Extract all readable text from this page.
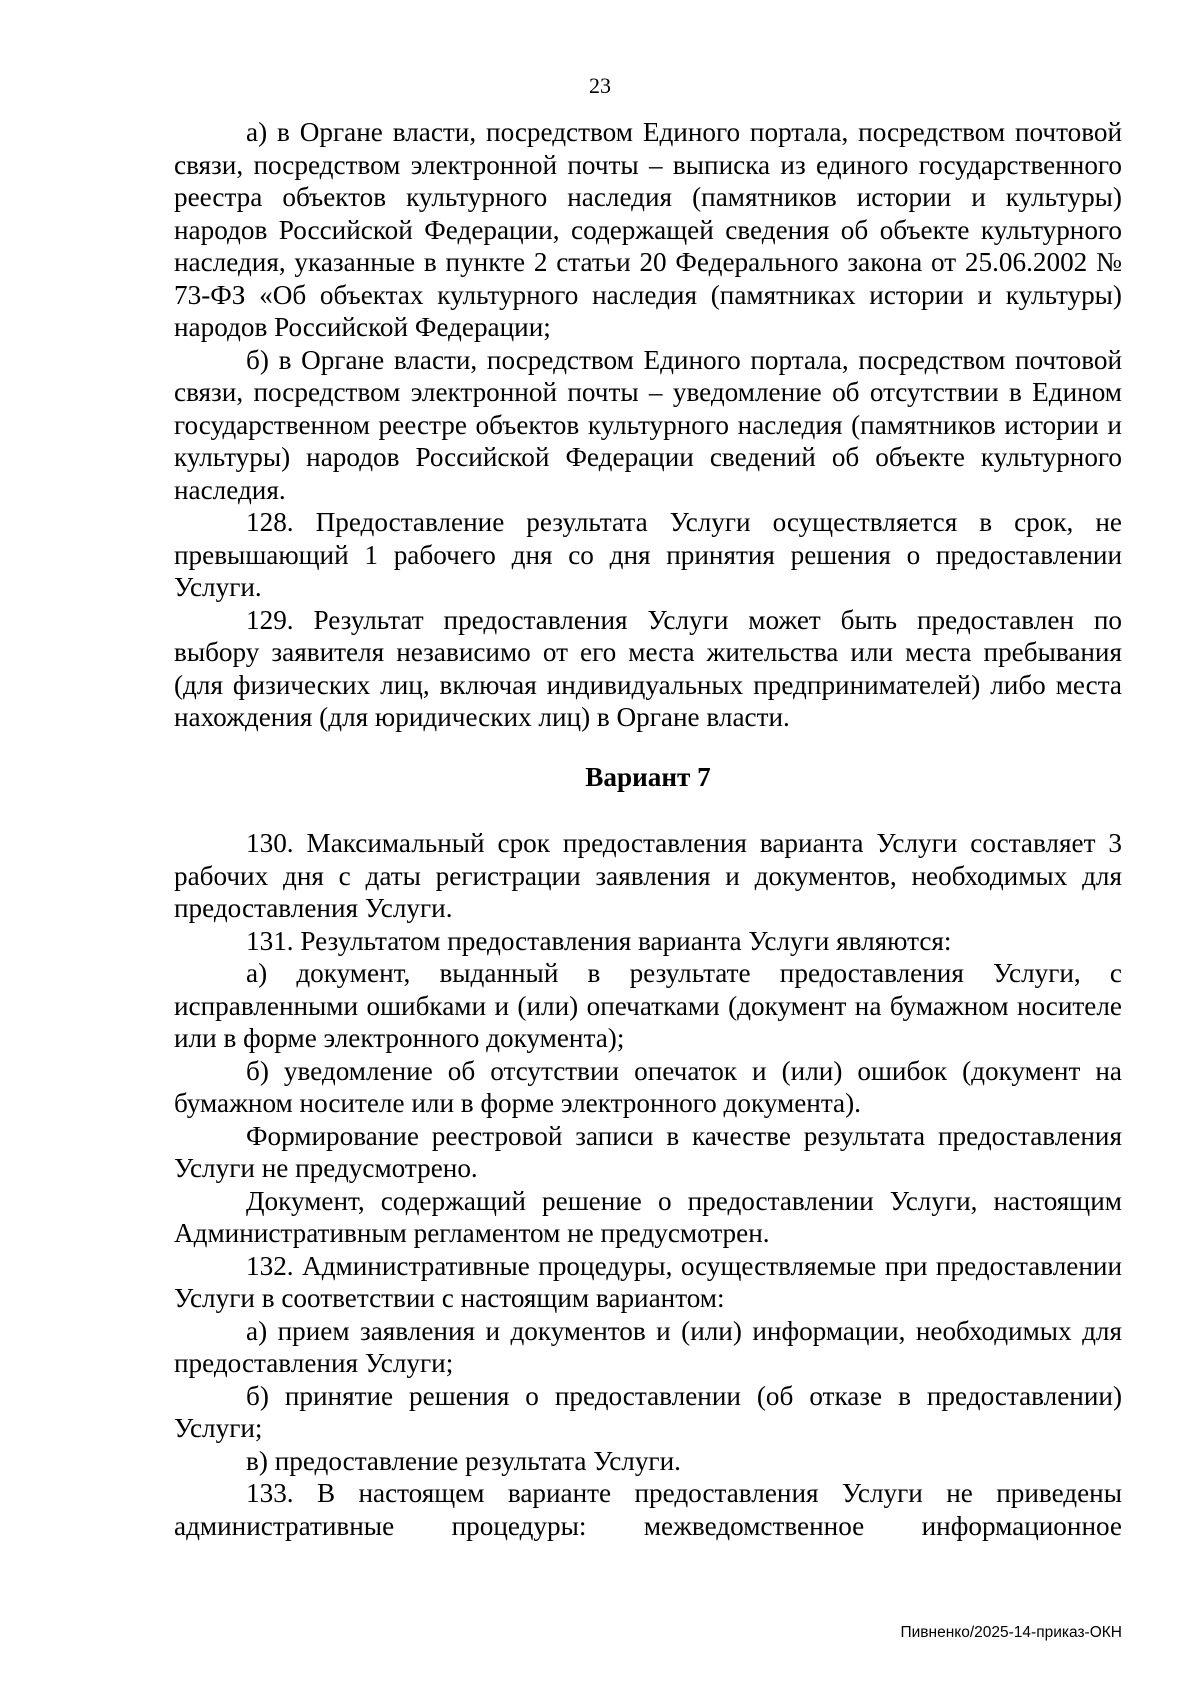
23

а) в Органе власти, посредством Единого портала, посредством почтовой связи, посредством электронной почты – выписка из единого государственного реестра объектов культурного наследия (памятников истории и культуры) народов Российской Федерации, содержащей сведения об объекте культурного наследия, указанные в пункте 2 статьи 20 Федерального закона от 25.06.2002 № 73-ФЗ «Об объектах культурного наследия (памятниках истории и культуры) народов Российской Федерации;

б) в Органе власти, посредством Единого портала, посредством почтовой связи, посредством электронной почты – уведомление об отсутствии в Едином государственном реестре объектов культурного наследия (памятников истории и культуры) народов Российской Федерации сведений об объекте культурного наследия.

128. Предоставление результата Услуги осуществляется в срок, не превышающий 1 рабочего дня со дня принятия решения о предоставлении Услуги.

129. Результат предоставления Услуги может быть предоставлен по выбору заявителя независимо от его места жительства или места пребывания (для физических лиц, включая индивидуальных предпринимателей) либо места нахождения (для юридических лиц) в Органе власти.

Вариант 7

130. Максимальный срок предоставления варианта Услуги составляет 3 рабочих дня с даты регистрации заявления и документов, необходимых для предоставления Услуги.

131. Результатом предоставления варианта Услуги являются:

а) документ, выданный в результате предоставления Услуги, с исправленными ошибками и (или) опечатками (документ на бумажном носителе или в форме электронного документа);

б) уведомление об отсутствии опечаток и (или) ошибок (документ на бумажном носителе или в форме электронного документа).

Формирование реестровой записи в качестве результата предоставления Услуги не предусмотрено.

Документ, содержащий решение о предоставлении Услуги, настоящим Административным регламентом не предусмотрен.

132. Административные процедуры, осуществляемые при предоставлении Услуги в соответствии с настоящим вариантом:

а) прием заявления и документов и (или) информации, необходимых для предоставления Услуги;

б) принятие решения о предоставлении (об отказе в предоставлении) Услуги;

в) предоставление результата Услуги.

133. В настоящем варианте предоставления Услуги не приведены административные процедуры: межведомственное информационное

Пивненко/2025-14-приказ-ОКН
